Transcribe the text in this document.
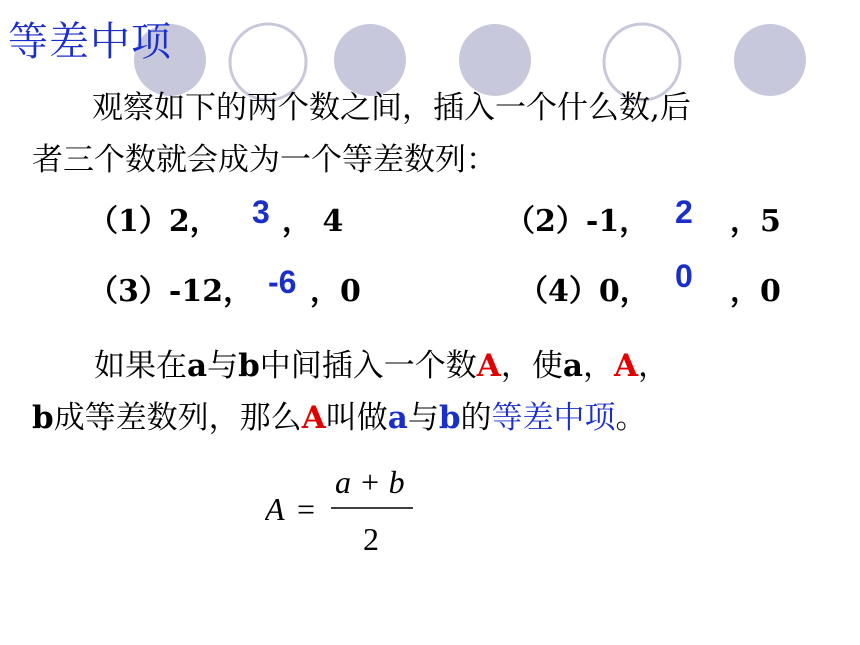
等差中项
观察如下的两个数之间，插入一个什么数,后
者三个数就会成为一个等差数列：
（1）2， 3 ， 4	（2）-1， 2 ，5
（3）-12， -6 ，0	（4）0， 0 ，0
如果在a与b中间插入一个数A，使a，A，
b成等差数列，那么A叫做a与b的等差中项。
A =
a + b
2
